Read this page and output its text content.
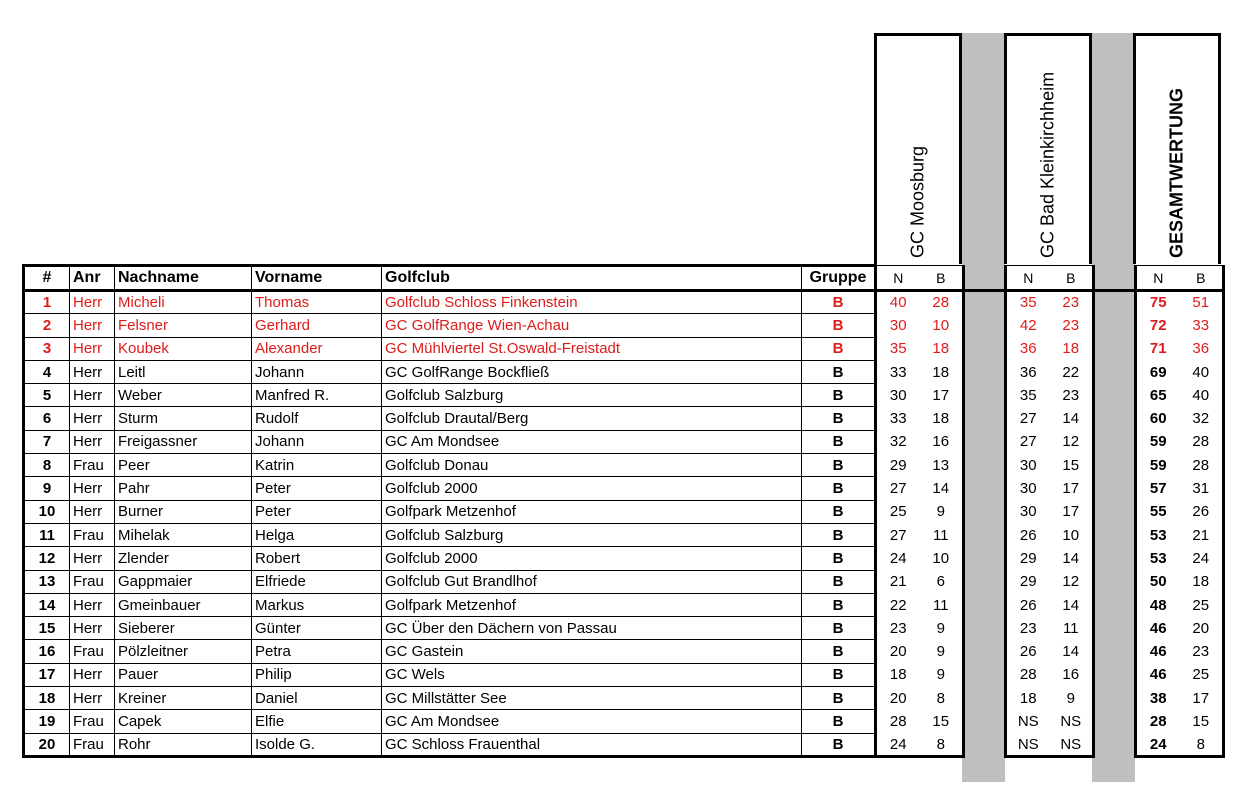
GC Moosburg	GC Bad Kleinkirchheim	GESAMTWERTUNG
#	Anr	Nachname	Vorname	Golfclub	Gruppe	N	B		N	B		N	B
1	Herr	Micheli	Thomas	Golfclub Schloss Finkenstein	B	40	28		35	23		75	51
2	Herr	Felsner	Gerhard	GC GolfRange Wien-Achau	B	30	10		42	23		72	33
3	Herr	Koubek	Alexander	GC Mühlviertel St.Oswald-Freistadt	B	35	18		36	18		71	36
4	Herr	Leitl	Johann	GC GolfRange Bockfließ	B	33	18		36	22		69	40
5	Herr	Weber	Manfred R.	Golfclub Salzburg	B	30	17		35	23		65	40
6	Herr	Sturm	Rudolf	Golfclub Drautal/Berg	B	33	18		27	14		60	32
7	Herr	Freigassner	Johann	GC Am Mondsee	B	32	16		27	12		59	28
8	Frau	Peer	Katrin	Golfclub Donau	B	29	13		30	15		59	28
9	Herr	Pahr	Peter	Golfclub 2000	B	27	14		30	17		57	31
10	Herr	Burner	Peter	Golfpark Metzenhof	B	25	9		30	17		55	26
11	Frau	Mihelak	Helga	Golfclub Salzburg	B	27	11		26	10		53	21
12	Herr	Zlender	Robert	Golfclub 2000	B	24	10		29	14		53	24
13	Frau	Gappmaier	Elfriede	Golfclub Gut Brandlhof	B	21	6		29	12		50	18
14	Herr	Gmeinbauer	Markus	Golfpark Metzenhof	B	22	11		26	14		48	25
15	Herr	Sieberer	Günter	GC Über den Dächern von Passau	B	23	9		23	11		46	20
16	Frau	Pölzleitner	Petra	GC Gastein	B	20	9		26	14		46	23
17	Herr	Pauer	Philip	GC Wels	B	18	9		28	16		46	25
18	Herr	Kreiner	Daniel	GC Millstätter See	B	20	8		18	9		38	17
19	Frau	Capek	Elfie	GC Am Mondsee	B	28	15		NS	NS		28	15
20	Frau	Rohr	Isolde G.	GC Schloss Frauenthal	B	24	8		NS	NS		24	8
